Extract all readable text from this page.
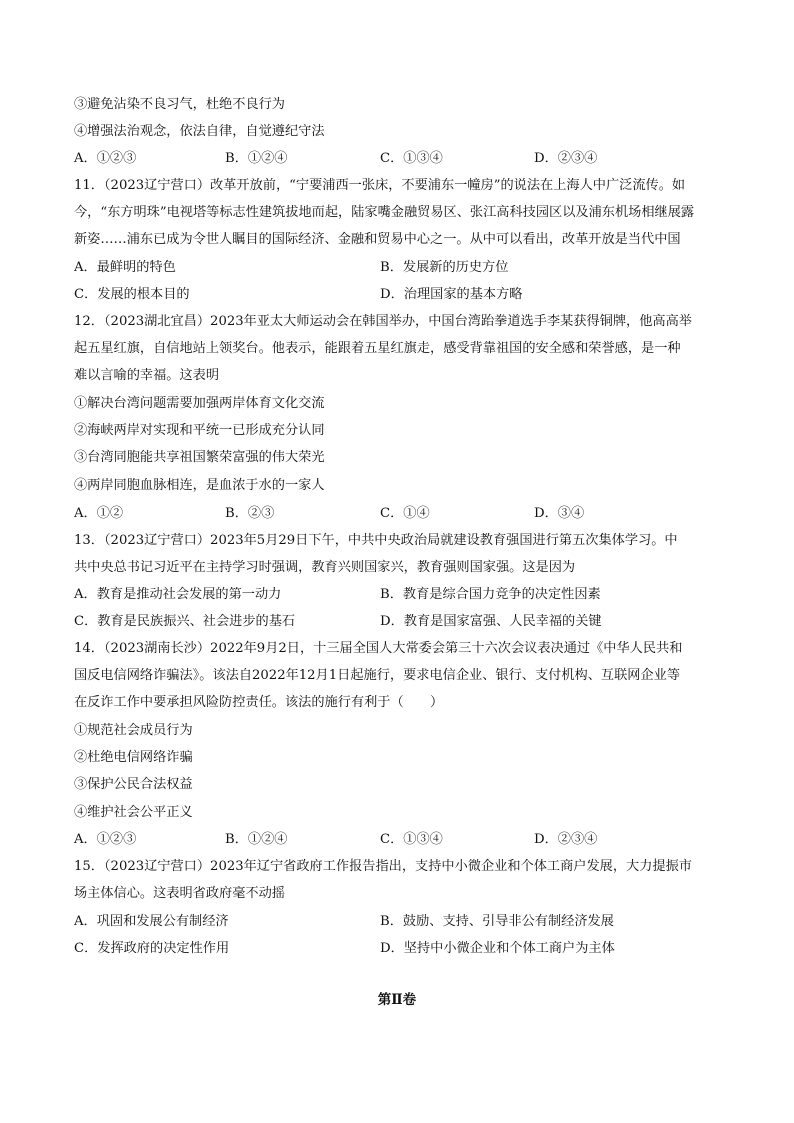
③避免沾染不良习气，杜绝不良行为
④增强法治观念，依法自律，自觉遵纪守法
A．①②③	B．①②④	C．①③④	D．②③④
11．（2023辽宁营口）改革开放前，“宁要浦西一张床，不要浦东一幢房”的说法在上海人中广泛流传。如
今，“东方明珠”电视塔等标志性建筑拔地而起，陆家嘴金融贸易区、张江高科技园区以及浦东机场相继展露
新姿……浦东已成为令世人瞩目的国际经济、金融和贸易中心之一。从中可以看出，改革开放是当代中国
A．最鲜明的特色	B．发展新的历史方位
C．发展的根本目的	D．治理国家的基本方略
12．（2023湖北宜昌）2023年亚太大师运动会在韩国举办，中国台湾跆拳道选手李某获得铜牌，他高高举
起五星红旗，自信地站上领奖台。他表示，能跟着五星红旗走，感受背靠祖国的安全感和荣誉感，是一种
难以言喻的幸福。这表明
①解决台湾问题需要加强两岸体育文化交流
②海峡两岸对实现和平统一已形成充分认同
③台湾同胞能共享祖国繁荣富强的伟大荣光
④两岸同胞血脉相连，是血浓于水的一家人
A．①②	B．②③	C．①④	D．③④
13．（2023辽宁营口）2023年5月29日下午，中共中央政治局就建设教育强国进行第五次集体学习。中
共中央总书记习近平在主持学习时强调，教育兴则国家兴，教育强则国家强。这是因为
A．教育是推动社会发展的第一动力	B．教育是综合国力竞争的决定性因素
C．教育是民族振兴、社会进步的基石	D．教育是国家富强、人民幸福的关键
14．（2023湖南长沙）2022年9月2日，十三届全国人大常委会第三十六次会议表决通过《中华人民共和
国反电信网络诈骗法》。该法自2022年12月1日起施行，要求电信企业、银行、支付机构、互联网企业等
在反诈工作中要承担风险防控责任。该法的施行有利于（　　）
①规范社会成员行为
②杜绝电信网络诈骗
③保护公民合法权益
④维护社会公平正义
A．①②③	B．①②④	C．①③④	D．②③④
15．（2023辽宁营口）2023年辽宁省政府工作报告指出，支持中小微企业和个体工商户发展，大力提振市
场主体信心。这表明省政府毫不动摇
A．巩固和发展公有制经济	B．鼓励、支持、引导非公有制经济发展
C．发挥政府的决定性作用	D．坚持中小微企业和个体工商户为主体
第Ⅱ卷
